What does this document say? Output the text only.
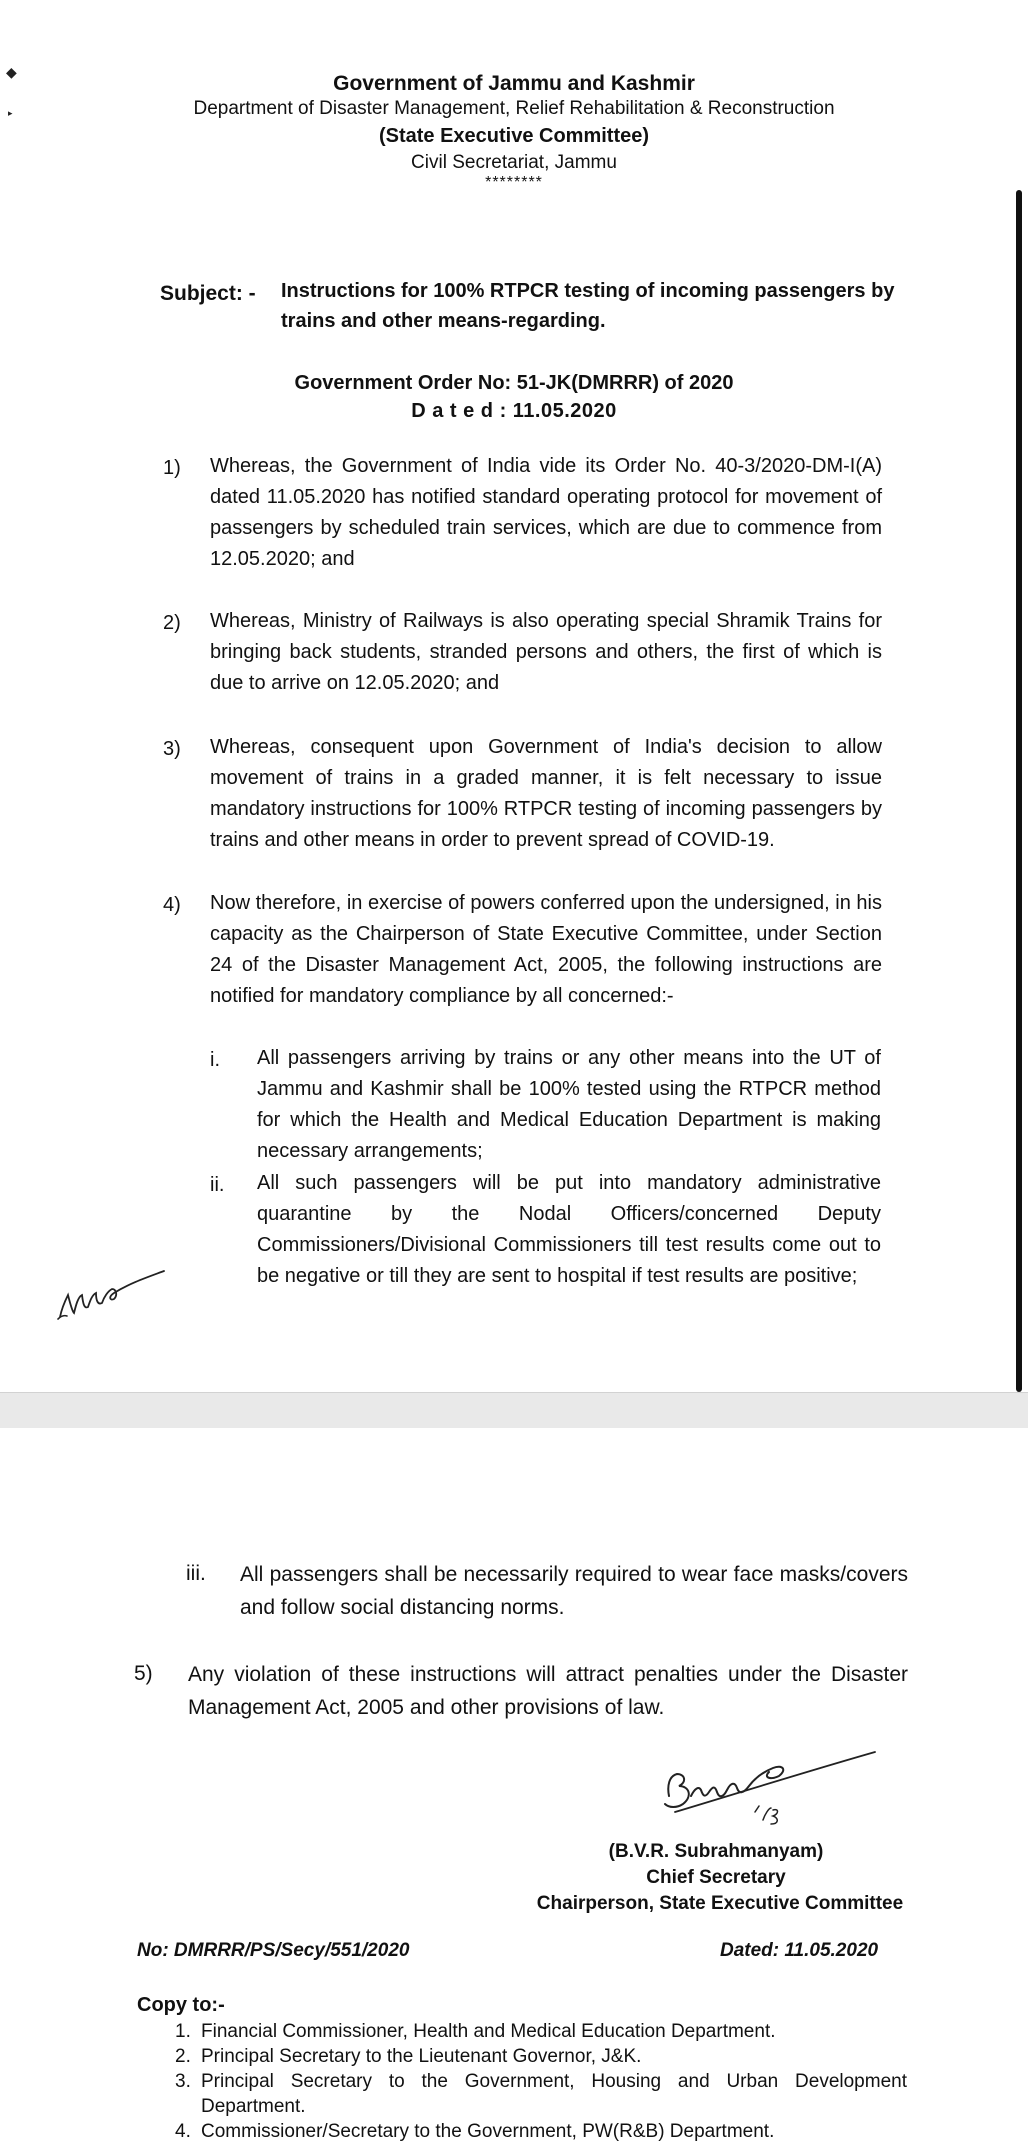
◆
▸
Government of Jammu and Kashmir
Department of Disaster Management, Relief Rehabilitation & Reconstruction
(State Executive Committee)
Civil Secretariat, Jammu
********
Subject: - Instructions for 100% RTPCR testing of incoming passengers by trains and other means-regarding.
Government Order No: 51-JK(DMRRR) of 2020
D a t e d : 11.05.2020
1) Whereas, the Government of India vide its Order No. 40-3/2020-DM-I(A) dated 11.05.2020 has notified standard operating protocol for movement of passengers by scheduled train services, which are due to commence from 12.05.2020; and
2) Whereas, Ministry of Railways is also operating special Shramik Trains for bringing back students, stranded persons and others, the first of which is due to arrive on 12.05.2020; and
3) Whereas, consequent upon Government of India's decision to allow movement of trains in a graded manner, it is felt necessary to issue mandatory instructions for 100% RTPCR testing of incoming passengers by trains and other means in order to prevent spread of COVID-19.
4) Now therefore, in exercise of powers conferred upon the undersigned, in his capacity as the Chairperson of State Executive Committee, under Section 24 of the Disaster Management Act, 2005, the following instructions are notified for mandatory compliance by all concerned:-
i. All passengers arriving by trains or any other means into the UT of Jammu and Kashmir shall be 100% tested using the RTPCR method for which the Health and Medical Education Department is making necessary arrangements;
ii. All such passengers will be put into mandatory administrative quarantine by the Nodal Officers/concerned Deputy Commissioners/Divisional Commissioners till test results come out to be negative or till they are sent to hospital if test results are positive;
iii. All passengers shall be necessarily required to wear face masks/covers and follow social distancing norms.
5) Any violation of these instructions will attract penalties under the Disaster Management Act, 2005 and other provisions of law.
(B.V.R. Subrahmanyam)
Chief Secretary
Chairperson, State Executive Committee
No: DMRRR/PS/Secy/551/2020	Dated: 11.05.2020
Copy to:-
1. Financial Commissioner, Health and Medical Education Department.
2. Principal Secretary to the Lieutenant Governor, J&K.
3. Principal Secretary to the Government, Housing and Urban Development Department.
4. Commissioner/Secretary to the Government, PW(R&B) Department.
